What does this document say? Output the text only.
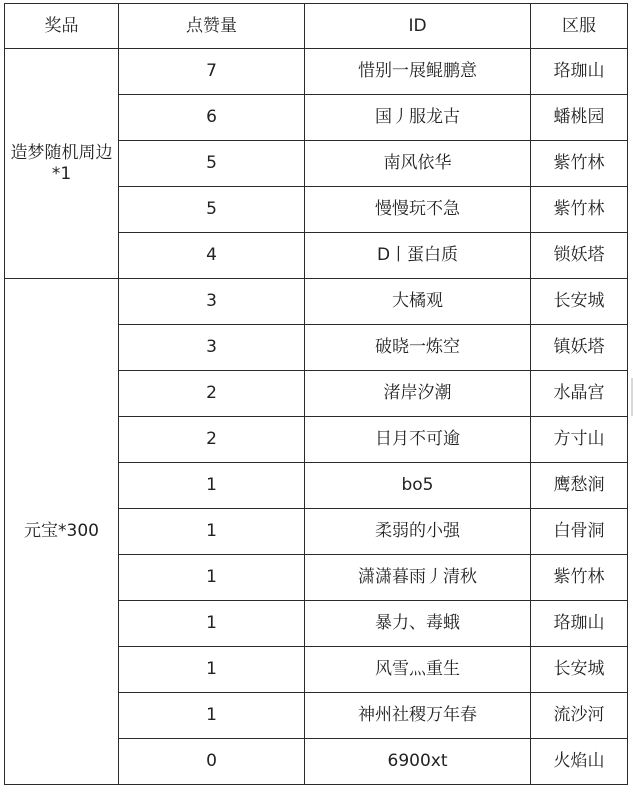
奖品	点赞量	ID	区服
造梦随机周边*1	7	惜别一展鲲鹏意	珞珈山
	6	国丿服龙古	蟠桃园
	5	南风依华	紫竹林
	5	慢慢玩不急	紫竹林
	4	D丨蛋白质	锁妖塔
元宝*300	3	大橘观	长安城
	3	破晓一炼空	镇妖塔
	2	渚岸汐潮	水晶宫
	2	日月不可逾	方寸山
	1	bo5	鹰愁涧
	1	柔弱的小强	白骨洞
	1	潇潇暮雨丿清秋	紫竹林
	1	暴力、毒蛾	珞珈山
	1	风雪灬重生	长安城
	1	神州社稷万年春	流沙河
	0	6900xt	火焰山
